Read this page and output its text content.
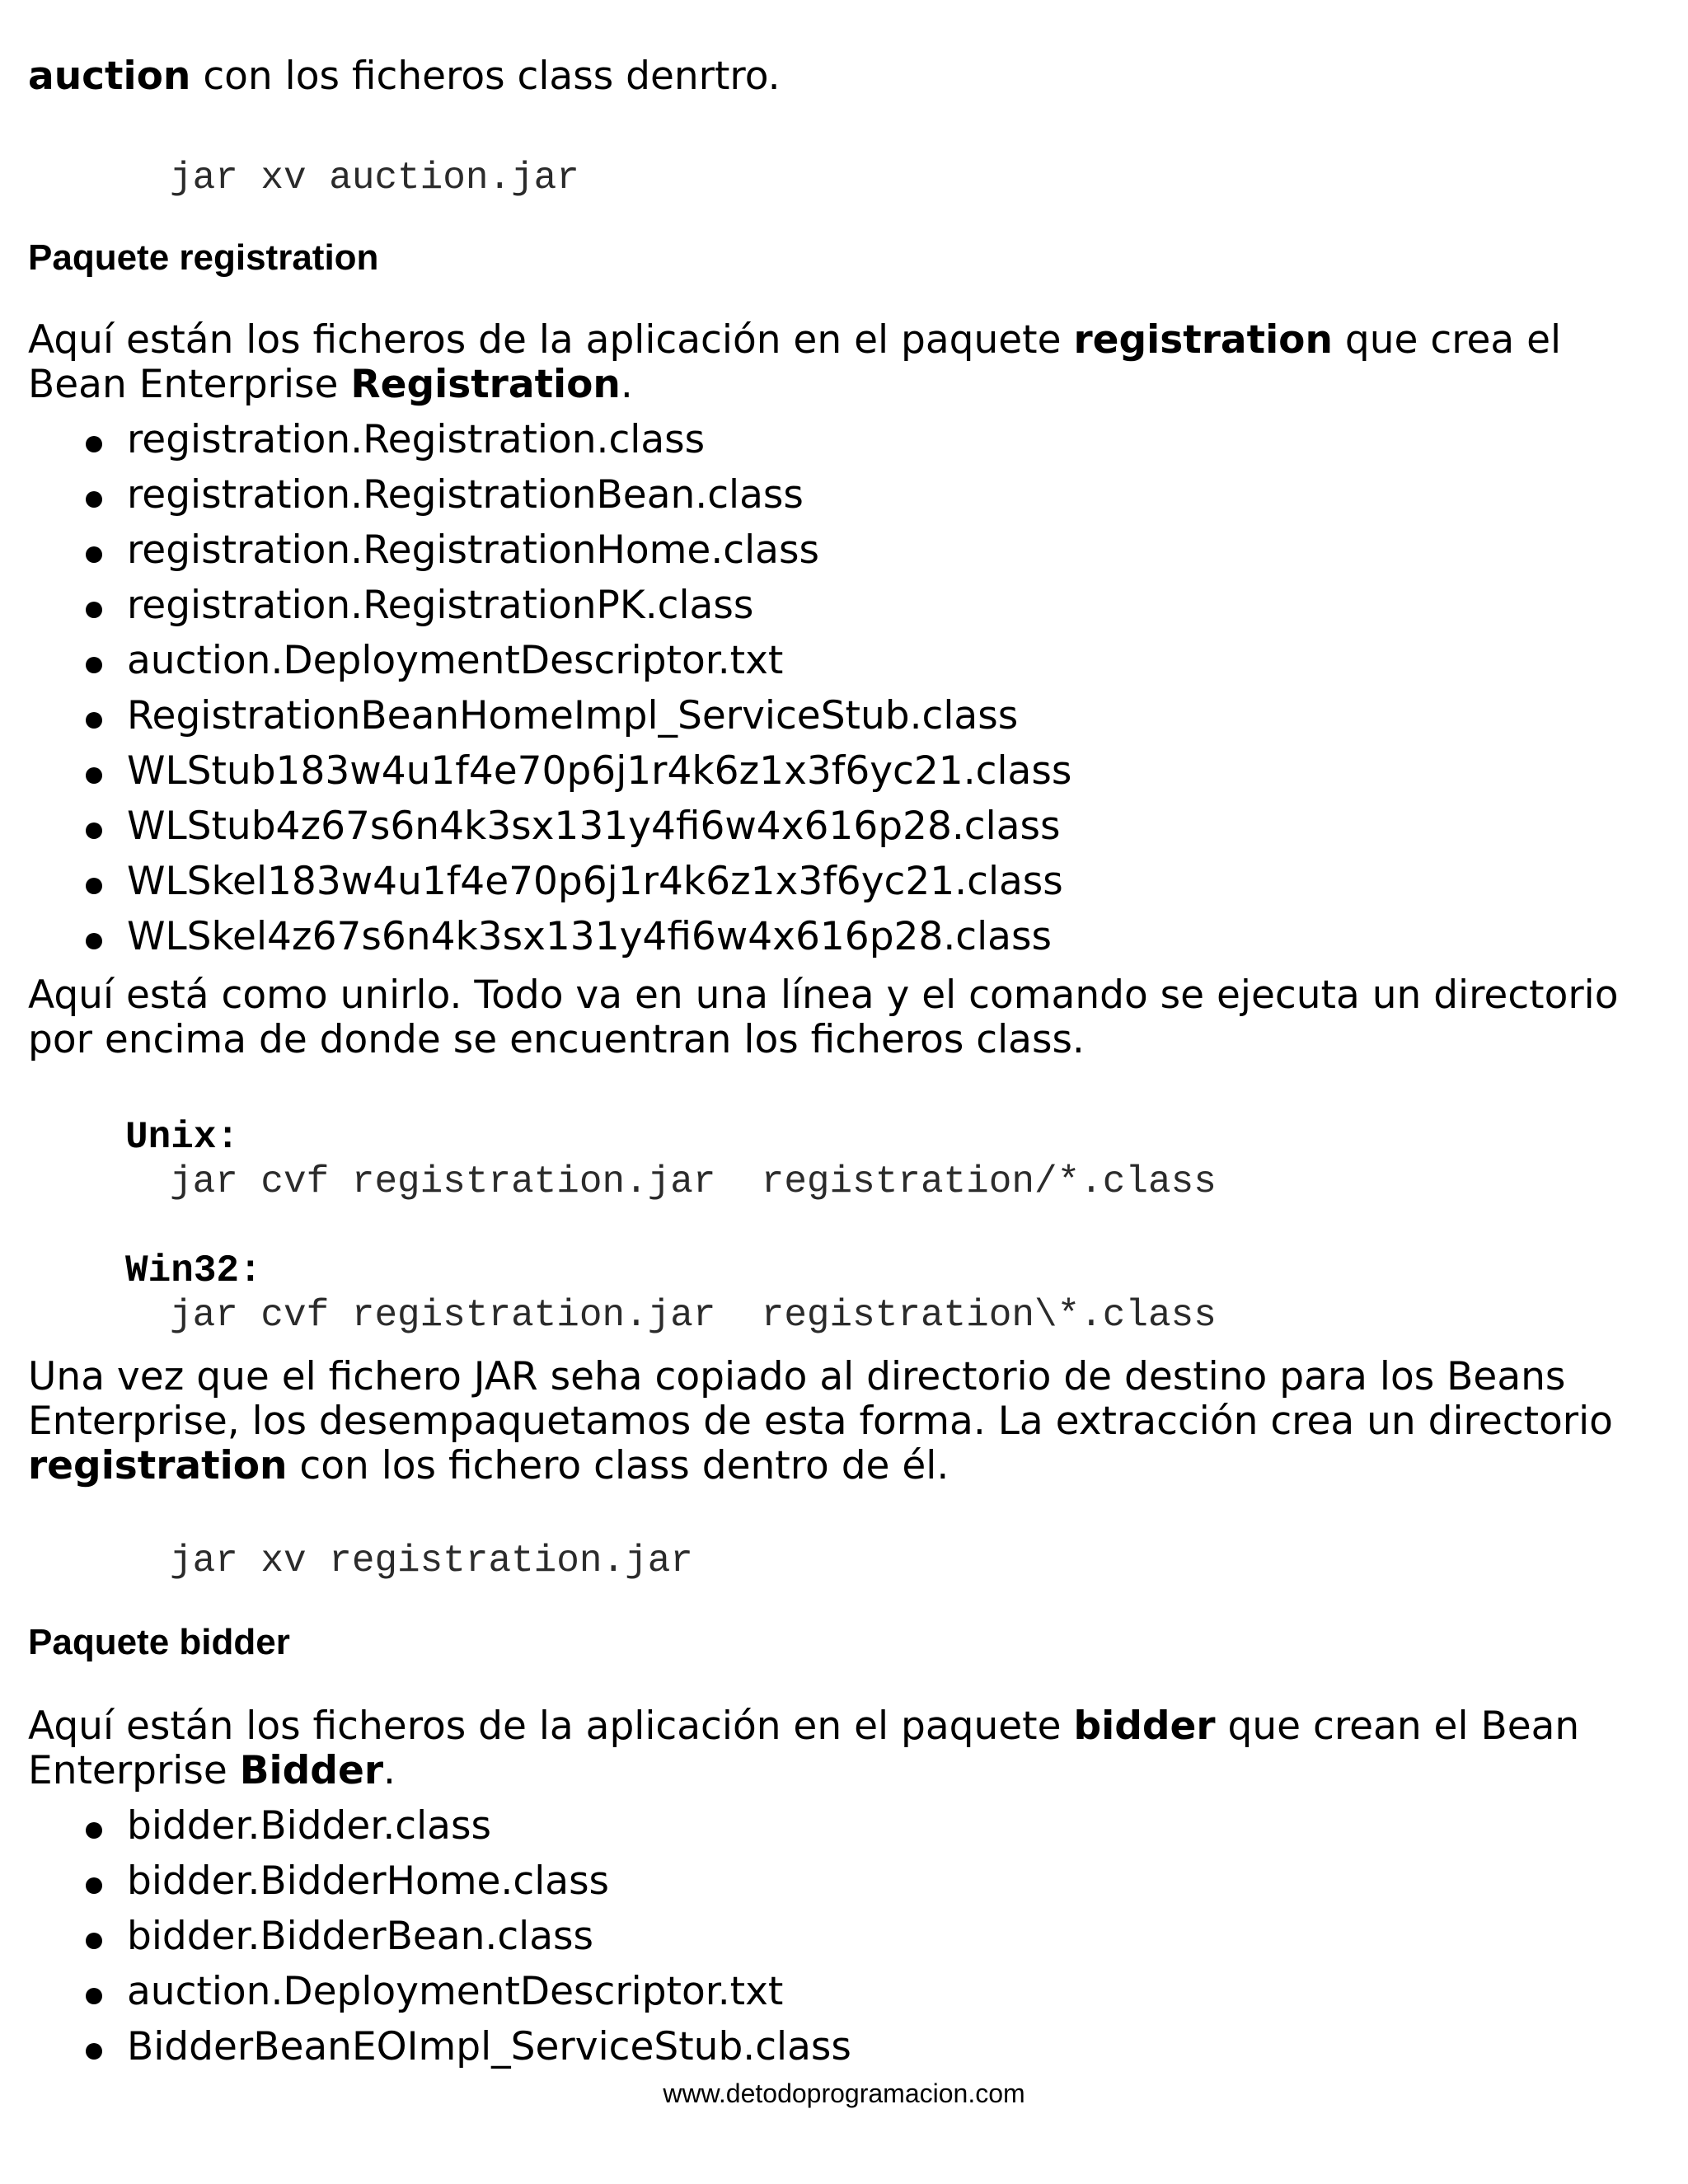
auction con los ficheros class denrtro.

jar xv auction.jar

Paquete registration

Aquí están los ficheros de la aplicación en el paquete registration que crea el

Bean Enterprise Registration.

registration.Registration.class
registration.RegistrationBean.class
registration.RegistrationHome.class
registration.RegistrationPK.class
auction.DeploymentDescriptor.txt
RegistrationBeanHomeImpl_ServiceStub.class
WLStub183w4u1f4e70p6j1r4k6z1x3f6yc21.class
WLStub4z67s6n4k3sx131y4fi6w4x616p28.class
WLSkel183w4u1f4e70p6j1r4k6z1x3f6yc21.class
WLSkel4z67s6n4k3sx131y4fi6w4x616p28.class

Aquí está como unirlo. Todo va en una línea y el comando se ejecuta un directorio

por encima de donde se encuentran los ficheros class.

Unix:

jar cvf registration.jar  registration/*.class

Win32:

jar cvf registration.jar  registration\*.class

Una vez que el fichero JAR seha copiado al directorio de destino para los Beans

Enterprise, los desempaquetamos de esta forma. La extracción crea un directorio

registration con los fichero class dentro de él.

jar xv registration.jar

Paquete bidder

Aquí están los ficheros de la aplicación en el paquete bidder que crean el Bean

Enterprise Bidder.

bidder.Bidder.class
bidder.BidderHome.class
bidder.BidderBean.class
auction.DeploymentDescriptor.txt
BidderBeanEOImpl_ServiceStub.class
www.detodoprogramacion.com
